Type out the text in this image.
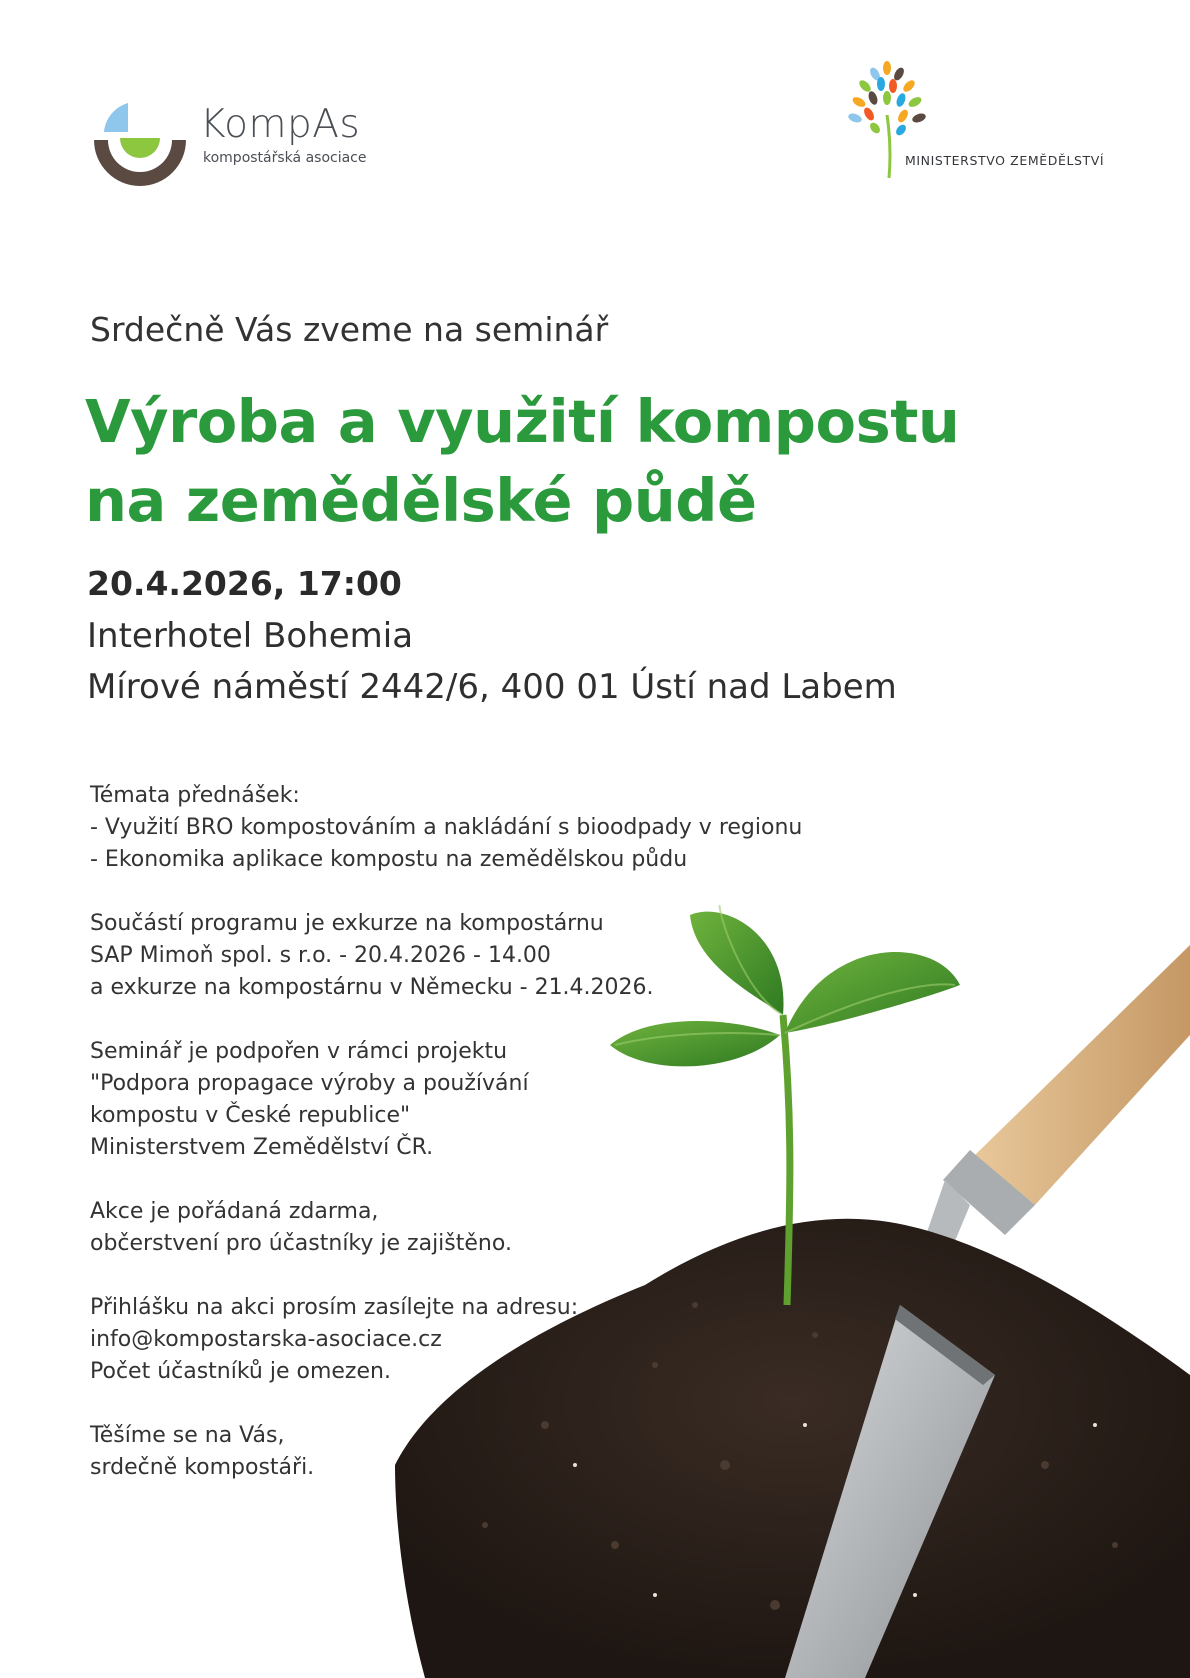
KompAs
kompostářská asociace	MINISTERSTVO ZEMĚDĚLSTVÍ
Srdečně Vás zveme na seminář
Výroba a využití kompostu
na zemědělské půdě
20.4.2026, 17:00
Interhotel Bohemia
Mírové náměstí 2442/6, 400 01 Ústí nad Labem
Témata přednášek:
- Využití BRO kompostováním a nakládání s bioodpady v regionu
- Ekonomika aplikace kompostu na zemědělskou půdu
Součástí programu je exkurze na kompostárnu
SAP Mimoň spol. s r.o. - 20.4.2026 - 14.00
a exkurze na kompostárnu v Německu - 21.4.2026.
Seminář je podpořen v rámci projektu
"Podpora propagace výroby a používání
kompostu v České republice"
Ministerstvem Zemědělství ČR.
Akce je pořádaná zdarma,
občerstvení pro účastníky je zajištěno.
Přihlášku na akci prosím zasílejte na adresu:
info@kompostarska-asociace.cz
Počet účastníků je omezen.
Těšíme se na Vás,
srdečně kompostáři.
